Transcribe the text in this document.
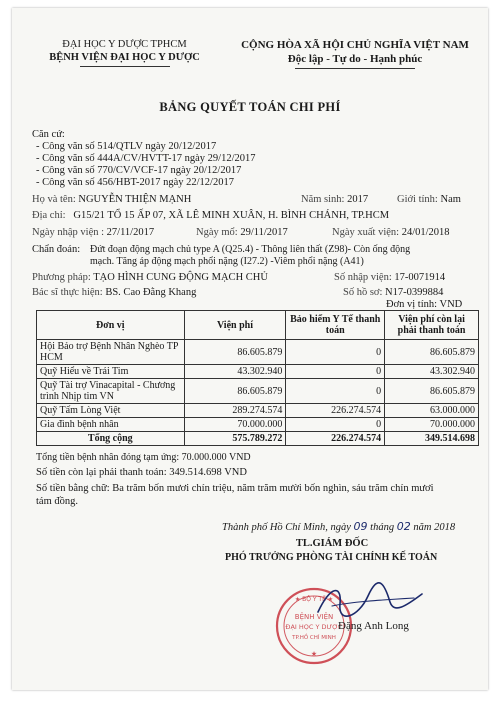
ĐẠI HỌC Y DƯỢC TPHCM
BỆNH VIỆN ĐẠI HỌC Y DƯỢC
CỘNG HÒA XÃ HỘI CHỦ NGHĨA VIỆT NAM
Độc lập - Tự do - Hạnh phúc
BẢNG QUYẾT TOÁN CHI PHÍ
Căn cứ:
- Công văn số 514/QTLV ngày 20/12/2017
- Công văn số 444A/CV/HVTT-17 ngày 29/12/2017
- Công văn số 770/CV/VCF-17 ngày 20/12/2017
- Công văn số 456/HBT-2017 ngày 22/12/2017
Họ và tên: NGUYỄN THIỆN MẠNH	Năm sinh: 2017	Giới tính: Nam
Địa chỉ: G15/21 TỔ 15 ẤP 07, XÃ LÊ MINH XUÂN, H. BÌNH CHÁNH, TP.HCM
Ngày nhập viện : 27/11/2017	Ngày mổ: 29/11/2017	Ngày xuất viện: 24/01/2018
Chẩn đoán: Đứt đoạn động mạch chủ type A (Q25.4) - Thông liên thất (Z98)- Còn ống động
mạch. Tăng áp động mạch phổi nặng (I27.2) -Viêm phổi nặng (A41)
Phương pháp: TẠO HÌNH CUNG ĐỘNG MẠCH CHỦ	Số nhập viện: 17-0071914
Bác sĩ thực hiện: BS. Cao Đằng Khang	Số hồ sơ: N17-0399884
Đơn vị tính: VND
Đơn vị	Viện phí	Bảo hiểm Y Tế thanh toán	Viện phí còn lại phải thanh toán
Hội Bảo trợ Bệnh Nhân Nghèo TP HCM	86.605.879	0	86.605.879
Quỹ Hiểu về Trái Tim	43.302.940	0	43.302.940
Quỹ Tài trợ Vinacapital - Chương trình Nhịp tim VN	86.605.879	0	86.605.879
Quỹ Tấm Lòng Việt	289.274.574	226.274.574	63.000.000
Gia đình bệnh nhân	70.000.000	0	70.000.000
Tổng cộng	575.789.272	226.274.574	349.514.698
Tổng tiền bệnh nhân đóng tạm ứng: 70.000.000 VND
Số tiền còn lại phải thanh toán: 349.514.698 VND
Số tiền bằng chữ: Ba trăm bốn mươi chín triệu, năm trăm mười bốn nghìn, sáu trăm chín mươi
tám đồng.
Thành phố Hồ Chí Minh, ngày 09 tháng 02 năm 2018
TL.GIÁM ĐỐC
PHÓ TRƯỞNG PHÒNG TÀI CHÍNH KẾ TOÁN
★ BỘ Y TẾ ★
BỆNH VIỆN
ĐẠI HỌC Y DƯỢC
TP.HỒ CHÍ MINH
★
Đặng Anh Long
